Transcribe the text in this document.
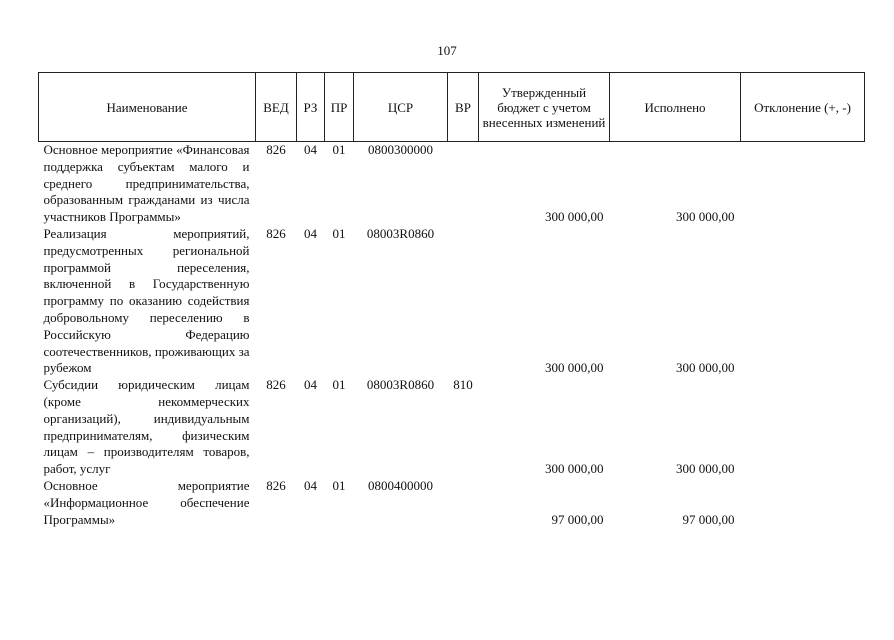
107
Наименование	ВЕД	РЗ	ПР	ЦСР	ВР	Утвержденный бюджет с учетом внесенных изменений	Исполнено	Отклонение (+, -)

Основное мероприятие «Финансовая поддержка субъектам малого и среднего предпринимательства, образованным гражданами из числа участников Программы»	826	04	01	0800300000		300 000,00	300 000,00	

Реализация мероприятий, предусмотренных региональной программой переселения, включенной в Государственную программу по оказанию содействия добровольному переселению в Российскую Федерацию соотечественников, проживающих за рубежом	826	04	01	08003R0860		300 000,00	300 000,00	

Субсидии юридическим лицам (кроме некоммерческих организаций), индивидуальным предпринимателям, физическим лицам – производителям товаров, работ, услуг	826	04	01	08003R0860	810	300 000,00	300 000,00	

Основное мероприятие «Информационное обеспечение Программы»	826	04	01	0800400000		97 000,00	97 000,00	
